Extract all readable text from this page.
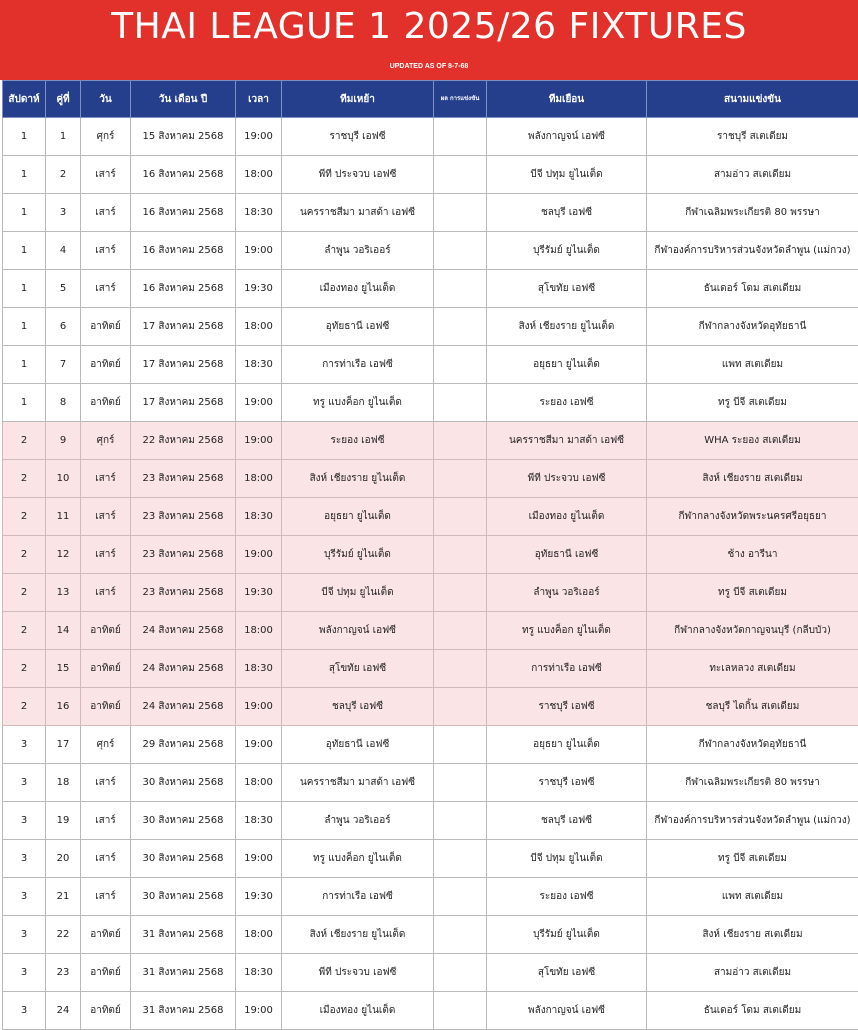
THAI LEAGUE 1 2025/26 FIXTURES
UPDATED AS OF 8-7-68
สัปดาห์	คู่ที่	วัน	วัน เดือน ปี	เวลา	ทีมเหย้า	ผล การแข่งขัน	ทีมเยือน	สนามแข่งขัน
1	1	ศุกร์	15 สิงหาคม 2568	19:00	ราชบุรี เอฟซี		พลังกาญจน์ เอฟซี	ราชบุรี สเตเดียม
1	2	เสาร์	16 สิงหาคม 2568	18:00	พีที ประจวบ เอฟซี		บีจี ปทุม ยูไนเต็ด	สามอ่าว สเตเดียม
1	3	เสาร์	16 สิงหาคม 2568	18:30	นครราชสีมา มาสด้า เอฟซี		ชลบุรี เอฟซี	กีฬาเฉลิมพระเกียรติ 80 พรรษา
1	4	เสาร์	16 สิงหาคม 2568	19:00	ลำพูน วอริเออร์		บุรีรัมย์ ยูไนเต็ด	กีฬาองค์การบริหารส่วนจังหวัดลำพูน (แม่กวง)
1	5	เสาร์	16 สิงหาคม 2568	19:30	เมืองทอง ยูไนเต็ด		สุโขทัย เอฟซี	ธันเดอร์ โดม สเตเดียม
1	6	อาทิตย์	17 สิงหาคม 2568	18:00	อุทัยธานี เอฟซี		สิงห์ เชียงราย ยูไนเต็ด	กีฬากลางจังหวัดอุทัยธานี
1	7	อาทิตย์	17 สิงหาคม 2568	18:30	การท่าเรือ เอฟซี		อยุธยา ยูไนเต็ด	แพท สเตเดียม
1	8	อาทิตย์	17 สิงหาคม 2568	19:00	ทรู แบงค็อก ยูไนเต็ด		ระยอง เอฟซี	ทรู บีจี สเตเดียม
2	9	ศุกร์	22 สิงหาคม 2568	19:00	ระยอง เอฟซี		นครราชสีมา มาสด้า เอฟซี	WHA ระยอง สเตเดียม
2	10	เสาร์	23 สิงหาคม 2568	18:00	สิงห์ เชียงราย ยูไนเต็ด		พีที ประจวบ เอฟซี	สิงห์ เชียงราย สเตเดียม
2	11	เสาร์	23 สิงหาคม 2568	18:30	อยุธยา ยูไนเต็ด		เมืองทอง ยูไนเต็ด	กีฬากลางจังหวัดพระนครศรีอยุธยา
2	12	เสาร์	23 สิงหาคม 2568	19:00	บุรีรัมย์ ยูไนเต็ด		อุทัยธานี เอฟซี	ช้าง อารีนา
2	13	เสาร์	23 สิงหาคม 2568	19:30	บีจี ปทุม ยูไนเต็ด		ลำพูน วอริเออร์	ทรู บีจี สเตเดียม
2	14	อาทิตย์	24 สิงหาคม 2568	18:00	พลังกาญจน์ เอฟซี		ทรู แบงค็อก ยูไนเต็ด	กีฬากลางจังหวัดกาญจนบุรี (กลีบบัว)
2	15	อาทิตย์	24 สิงหาคม 2568	18:30	สุโขทัย เอฟซี		การท่าเรือ เอฟซี	ทะเลหลวง สเตเดียม
2	16	อาทิตย์	24 สิงหาคม 2568	19:00	ชลบุรี เอฟซี		ราชบุรี เอฟซี	ชลบุรี ไดกิ้น สเตเดียม
3	17	ศุกร์	29 สิงหาคม 2568	19:00	อุทัยธานี เอฟซี		อยุธยา ยูไนเต็ด	กีฬากลางจังหวัดอุทัยธานี
3	18	เสาร์	30 สิงหาคม 2568	18:00	นครราชสีมา มาสด้า เอฟซี		ราชบุรี เอฟซี	กีฬาเฉลิมพระเกียรติ 80 พรรษา
3	19	เสาร์	30 สิงหาคม 2568	18:30	ลำพูน วอริเออร์		ชลบุรี เอฟซี	กีฬาองค์การบริหารส่วนจังหวัดลำพูน (แม่กวง)
3	20	เสาร์	30 สิงหาคม 2568	19:00	ทรู แบงค็อก ยูไนเต็ด		บีจี ปทุม ยูไนเต็ด	ทรู บีจี สเตเดียม
3	21	เสาร์	30 สิงหาคม 2568	19:30	การท่าเรือ เอฟซี		ระยอง เอฟซี	แพท สเตเดียม
3	22	อาทิตย์	31 สิงหาคม 2568	18:00	สิงห์ เชียงราย ยูไนเต็ด		บุรีรัมย์ ยูไนเต็ด	สิงห์ เชียงราย สเตเดียม
3	23	อาทิตย์	31 สิงหาคม 2568	18:30	พีที ประจวบ เอฟซี		สุโขทัย เอฟซี	สามอ่าว สเตเดียม
3	24	อาทิตย์	31 สิงหาคม 2568	19:00	เมืองทอง ยูไนเต็ด		พลังกาญจน์ เอฟซี	ธันเดอร์ โดม สเตเดียม
